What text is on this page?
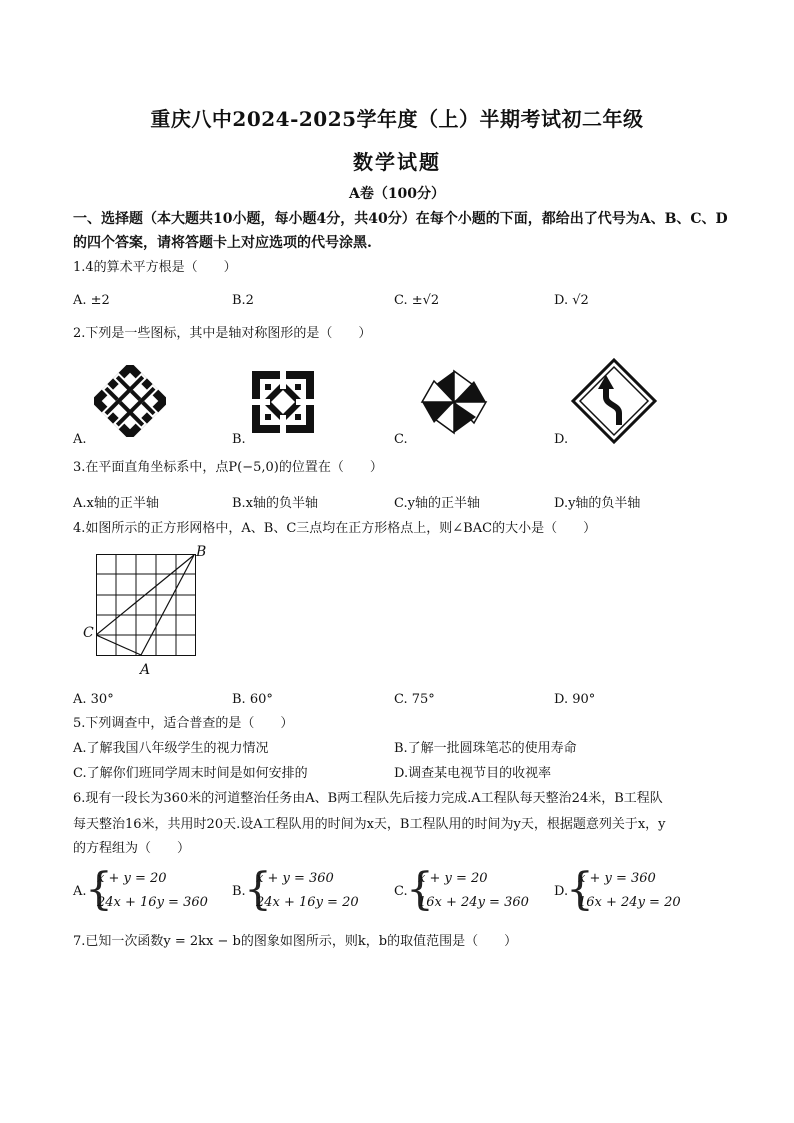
重庆八中2024-2025学年度（上）半期考试初二年级
数学试题
A卷（100分）
一、选择题（本大题共10小题，每小题4分，共40分）在每个小题的下面，都给出了代号为A、B、C、D的四个答案，请将答题卡上对应选项的代号涂黑.
1.4的算术平方根是（　　）
A. ±2	B.2	C. ±√2	D. √2
2.下列是一些图标，其中是轴对称图形的是（　　）
A.	B.	C.	D.
3.在平面直角坐标系中，点P(−5,0)的位置在（　　）
A.x轴的正半轴	B.x轴的负半轴	C.y轴的正半轴	D.y轴的负半轴
4.如图所示的正方形网格中，A、B、C三点均在正方形格点上，则∠BAC的大小是（　　）
B
C
A
A. 30°	B. 60°	C. 75°	D. 90°
5.下列调查中，适合普查的是（　　）
A.了解我国八年级学生的视力情况	B.了解一批圆珠笔芯的使用寿命
C.了解你们班同学周末时间是如何安排的	D.调查某电视节目的收视率
6.现有一段长为360米的河道整治任务由A、B两工程队先后接力完成.A工程队每天整治24米，B工程队
每天整治16米，共用时20天.设A工程队用的时间为x天，B工程队用的时间为y天，根据题意列关于x，y
的方程组为（　　）
A.
{
x + y = 20
24x + 16y = 360
B.
{
x + y = 360
24x + 16y = 20
C.
{
x + y = 20
16x + 24y = 360
D.
{
x + y = 360
16x + 24y = 20
7.已知一次函数y = 2kx − b的图象如图所示，则k，b的取值范围是（　　）
